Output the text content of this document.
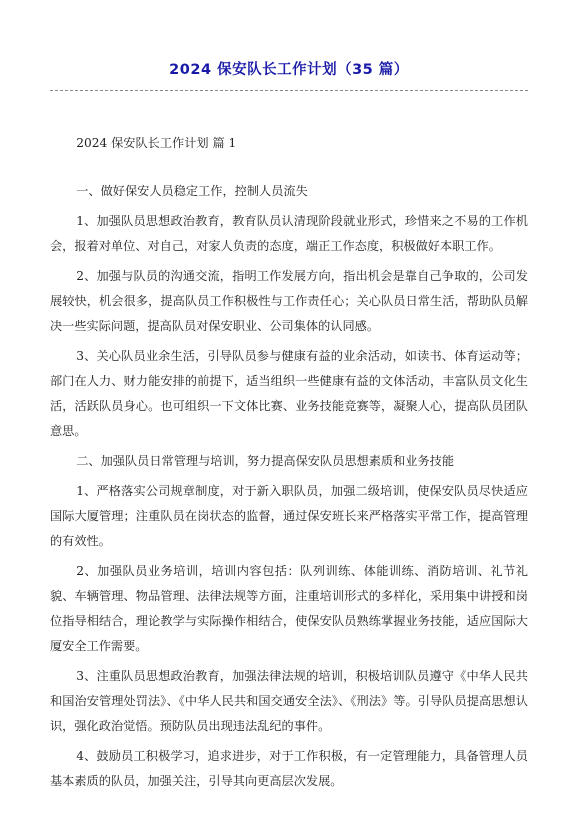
2024 保安队长工作计划（35 篇）

2024 保安队长工作计划 篇 1

一、做好保安人员稳定工作，控制人员流失

1、加强队员思想政治教育，教育队员认清现阶段就业形式，珍惜来之不易的工作机会，报着对单位、对自己，对家人负责的态度，端正工作态度，积极做好本职工作。

2、加强与队员的沟通交流，指明工作发展方向，指出机会是靠自己争取的，公司发展较快，机会很多，提高队员工作积极性与工作责任心；关心队员日常生活，帮助队员解决一些实际问题，提高队员对保安职业、公司集体的认同感。

3、关心队员业余生活，引导队员参与健康有益的业余活动，如读书、体育运动等；部门在人力、财力能安排的前提下，适当组织一些健康有益的文体活动，丰富队员文化生活，活跃队员身心。也可组织一下文体比赛、业务技能竞赛等，凝聚人心，提高队员团队意思。

二、加强队员日常管理与培训，努力提高保安队员思想素质和业务技能

1、严格落实公司规章制度，对于新入职队员，加强二级培训，使保安队员尽快适应国际大厦管理；注重队员在岗状态的监督，通过保安班长来严格落实平常工作，提高管理的有效性。

2、加强队员业务培训，培训内容包括：队列训练、体能训练、消防培训、礼节礼貌、车辆管理、物品管理、法律法规等方面，注重培训形式的多样化，采用集中讲授和岗位指导相结合，理论教学与实际操作相结合，使保安队员熟练掌握业务技能，适应国际大厦安全工作需要。

3、注重队员思想政治教育，加强法律法规的培训，积极培训队员遵守《中华人民共和国治安管理处罚法》、《中华人民共和国交通安全法》、《刑法》等。引导队员提高思想认识，强化政治觉悟。预防队员出现违法乱纪的事件。

4、鼓励员工积极学习，追求进步，对于工作积极，有一定管理能力，具备管理人员基本素质的队员，加强关注，引导其向更高层次发展。
